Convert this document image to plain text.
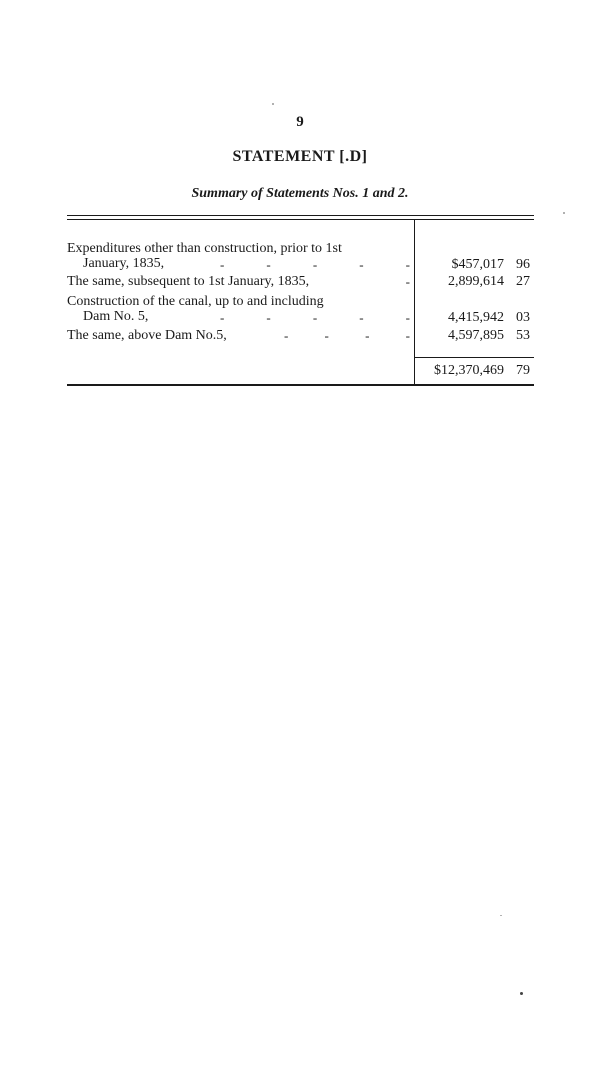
9
STATEMENT [.D]
Summary of Statements Nos. 1 and 2.
Expenditures other than construction, prior to 1st
January, 1835,	-	-	-	-	-	$457,017 96
The same, subsequent to 1st January, 1835,	-	2,899,614 27
Construction of the canal, up to and including
Dam No. 5,	-	-	-	-	-	4,415,942 03
The same, above Dam No.5,	-	-	-	-	4,597,895 53
$12,370,469 79
